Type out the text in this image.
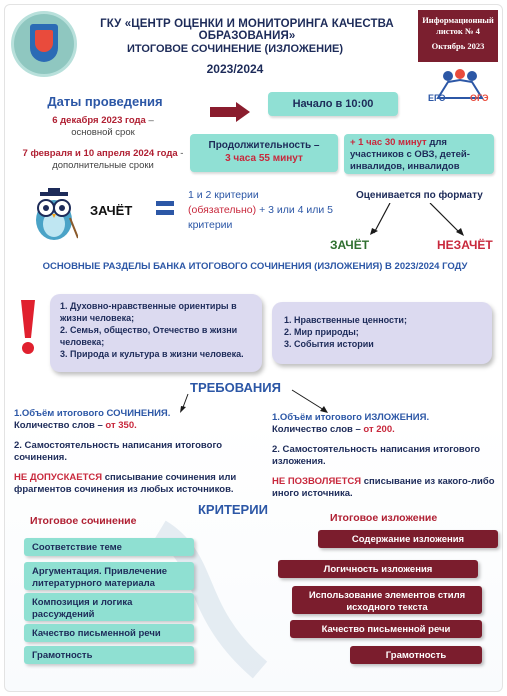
ГКУ «ЦЕНТР ОЦЕНКИ И МОНИТОРИНГА КАЧЕСТВА ОБРАЗОВАНИЯ»
ИТОГОВОЕ СОЧИНЕНИЕ (ИЗЛОЖЕНИЕ)
2023/2024
Информационный
листок № 4
Октябрь 2023
ЕГЭ	ОГЭ
Даты проведения
6 декабря 2023 года –
основной срок
7 февраля и 10 апреля 2024 года - дополнительные сроки
Начало в 10:00
Продолжительность –
3 часа 55 минут
+ 1 час 30 минут для участников с ОВЗ, детей-инвалидов, инвалидов
ЗАЧЁТ
1 и 2 критерии
(обязательно) + 3 или 4 или 5 критерии
Оценивается по формату
ЗАЧЁТ	НЕЗАЧЁТ
ОСНОВНЫЕ РАЗДЕЛЫ БАНКА ИТОГОВОГО СОЧИНЕНИЯ (ИЗЛОЖЕНИЯ) В 2023/2024 ГОДУ
1. Духовно-нравственные ориентиры в жизни человека;
2. Семья, общество, Отечество в жизни человека;
3. Природа и культура в жизни человека.
1. Нравственные ценности;
2. Мир природы;
3. События истории
ТРЕБОВАНИЯ

1.Объём итогового СОЧИНЕНИЯ.
Количество слов – от 350.

2. Самостоятельность написания итогового сочинения.

НЕ ДОПУСКАЕТСЯ списывание сочинения или фрагментов сочинения из любых источников.

1.Объём итогового ИЗЛОЖЕНИЯ.
Количество слов – от 200.

2. Самостоятельность написания итогового изложения.

НЕ ПОЗВОЛЯЕТСЯ списывание из какого-либо иного источника.

КРИТЕРИИ
Итоговое сочинение	Итоговое изложение
Соответствие теме
Аргументация. Привлечение литературного материала
Композиция и логика рассуждений
Качество письменной речи
Грамотность
Содержание изложения
Логичность изложения
Использование элементов стиля исходного текста
Качество письменной речи
Грамотность
